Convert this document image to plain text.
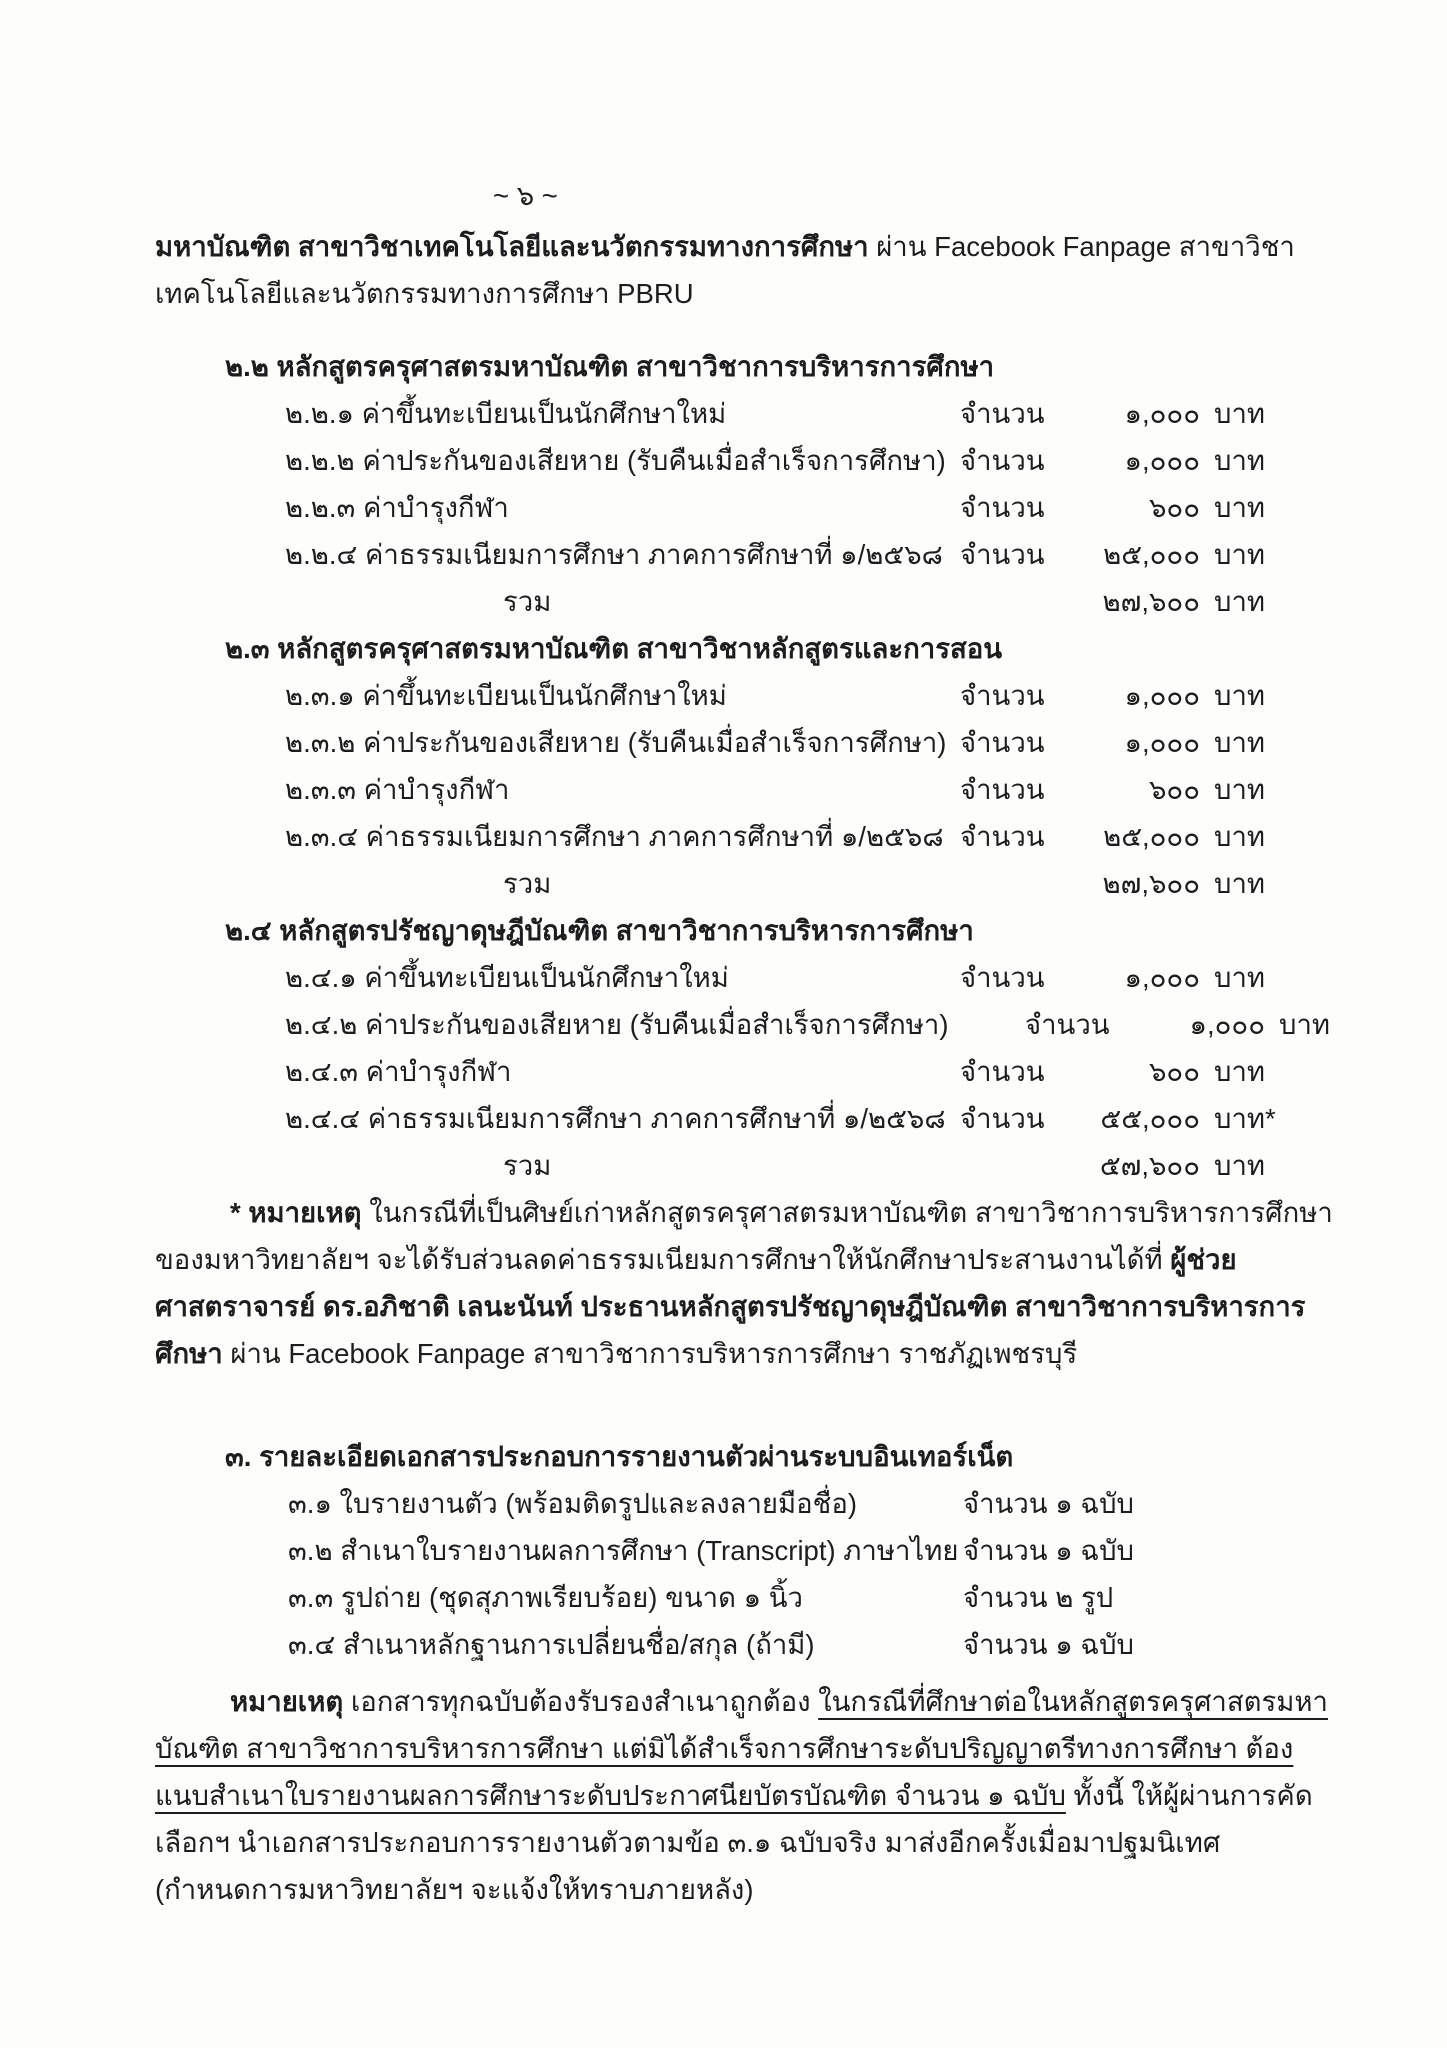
~ ๖ ~

มหาบัณฑิต สาขาวิชาเทคโนโลยีและนวัตกรรมทางการศึกษา ผ่าน Facebook Fanpage สาขาวิชาเทคโนโลยีและนวัตกรรมทางการศึกษา PBRU

๒.๒ หลักสูตรครุศาสตรมหาบัณฑิต สาขาวิชาการบริหารการศึกษา
๒.๒.๑ ค่าขึ้นทะเบียนเป็นนักศึกษาใหม่	จำนวน	๑,๐๐๐ บาท
๒.๒.๒ ค่าประกันของเสียหาย (รับคืนเมื่อสำเร็จการศึกษา) จำนวน	๑,๐๐๐ บาท
๒.๒.๓ ค่าบำรุงกีฬา	จำนวน	๖๐๐ บาท
๒.๒.๔ ค่าธรรมเนียมการศึกษา ภาคการศึกษาที่ ๑/๒๕๖๘ จำนวน	๒๕,๐๐๐ บาท
รวม	๒๗,๖๐๐ บาท
๒.๓ หลักสูตรครุศาสตรมหาบัณฑิต สาขาวิชาหลักสูตรและการสอน
๒.๓.๑ ค่าขึ้นทะเบียนเป็นนักศึกษาใหม่	จำนวน	๑,๐๐๐ บาท
๒.๓.๒ ค่าประกันของเสียหาย (รับคืนเมื่อสำเร็จการศึกษา) จำนวน	๑,๐๐๐ บาท
๒.๓.๓ ค่าบำรุงกีฬา	จำนวน	๖๐๐ บาท
๒.๓.๔ ค่าธรรมเนียมการศึกษา ภาคการศึกษาที่ ๑/๒๕๖๘ จำนวน	๒๕,๐๐๐ บาท
รวม	๒๗,๖๐๐ บาท
๒.๔ หลักสูตรปรัชญาดุษฎีบัณฑิต สาขาวิชาการบริหารการศึกษา
๒.๔.๑ ค่าขึ้นทะเบียนเป็นนักศึกษาใหม่	จำนวน	๑,๐๐๐ บาท
๒.๔.๒ ค่าประกันของเสียหาย (รับคืนเมื่อสำเร็จการศึกษา)	จำนวน	๑,๐๐๐ บาท
๒.๔.๓ ค่าบำรุงกีฬา	จำนวน	๖๐๐ บาท
๒.๔.๔ ค่าธรรมเนียมการศึกษา ภาคการศึกษาที่ ๑/๒๕๖๘ จำนวน	๕๕,๐๐๐ บาท*
รวม	๕๗,๖๐๐ บาท

* หมายเหตุ ในกรณีที่เป็นศิษย์เก่าหลักสูตรครุศาสตรมหาบัณฑิต สาขาวิชาการบริหารการศึกษาของมหาวิทยาลัยฯ จะได้รับส่วนลดค่าธรรมเนียมการศึกษาให้นักศึกษาประสานงานได้ที่ ผู้ช่วยศาสตราจารย์ ดร.อภิชาติ เลนะนันท์ ประธานหลักสูตรปรัชญาดุษฎีบัณฑิต สาขาวิชาการบริหารการศึกษา ผ่าน Facebook Fanpage สาขาวิชาการบริหารการศึกษา ราชภัฏเพชรบุรี

๓. รายละเอียดเอกสารประกอบการรายงานตัวผ่านระบบอินเทอร์เน็ต
๓.๑ ใบรายงานตัว (พร้อมติดรูปและลงลายมือชื่อ)	จำนวน ๑ ฉบับ
๓.๒ สำเนาใบรายงานผลการศึกษา (Transcript) ภาษาไทย จำนวน ๑ ฉบับ
๓.๓ รูปถ่าย (ชุดสุภาพเรียบร้อย) ขนาด ๑ นิ้ว	จำนวน ๒ รูป
๓.๔ สำเนาหลักฐานการเปลี่ยนชื่อ/สกุล (ถ้ามี)	จำนวน ๑ ฉบับ

หมายเหตุ เอกสารทุกฉบับต้องรับรองสำเนาถูกต้อง ในกรณีที่ศึกษาต่อในหลักสูตรครุศาสตรมหาบัณฑิต สาขาวิชาการบริหารการศึกษา แต่มิได้สำเร็จการศึกษาระดับปริญญาตรีทางการศึกษา ต้องแนบสำเนาใบรายงานผลการศึกษาระดับประกาศนียบัตรบัณฑิต จำนวน ๑ ฉบับ ทั้งนี้ ให้ผู้ผ่านการคัดเลือกฯ นำเอกสารประกอบการรายงานตัวตามข้อ ๓.๑ ฉบับจริง มาส่งอีกครั้งเมื่อมาปฐมนิเทศ (กำหนดการมหาวิทยาลัยฯ จะแจ้งให้ทราบภายหลัง)
